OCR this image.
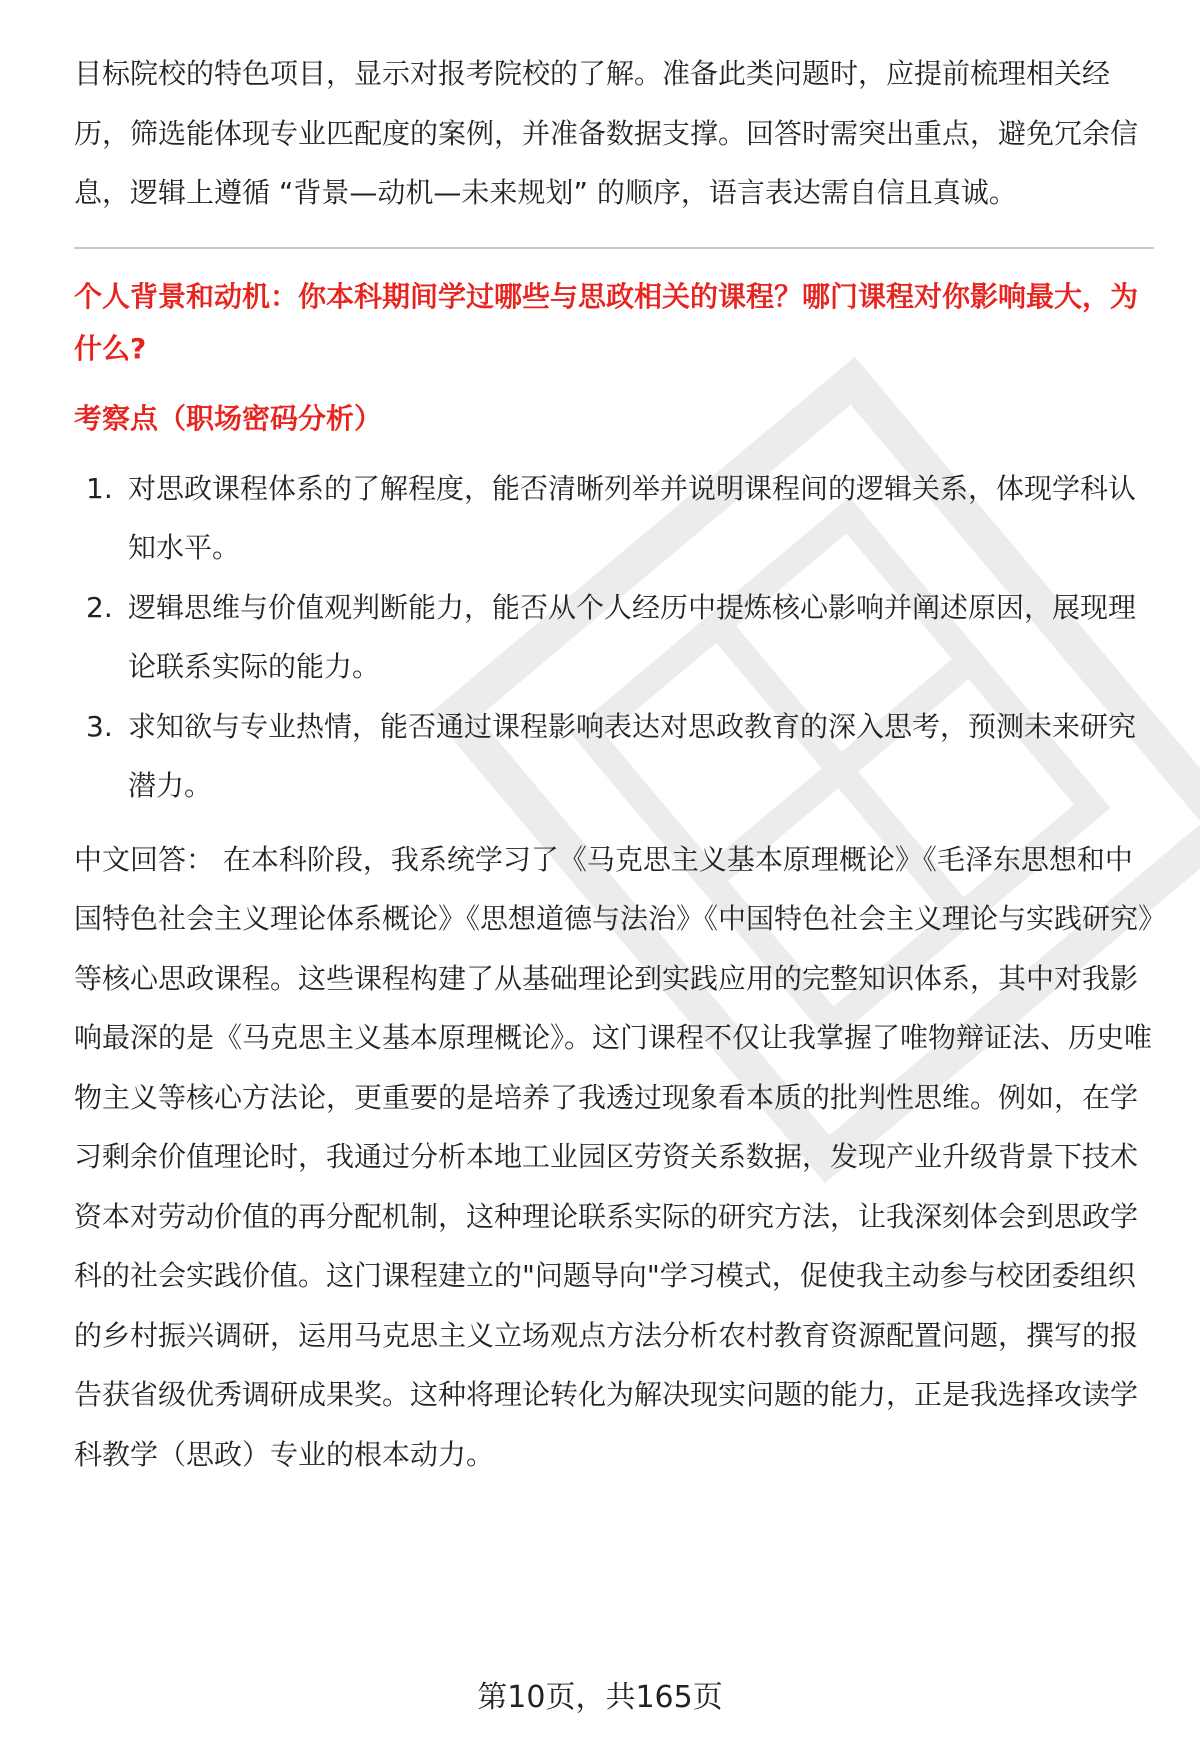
目标院校的特色项目，显示对报考院校的了解。准备此类问题时，应提前梳理相关经历，筛选能体现专业匹配度的案例，并准备数据支撑。回答时需突出重点，避免冗余信息，逻辑上遵循 “背景—动机—未来规划” 的顺序，语言表达需自信且真诚。

个人背景和动机：你本科期间学过哪些与思政相关的课程？哪门课程对你影响最大，为什么?

考察点（职场密码分析）

1. 对思政课程体系的了解程度，能否清晰列举并说明课程间的逻辑关系，体现学科认知水平。
2. 逻辑思维与价值观判断能力，能否从个人经历中提炼核心影响并阐述原因，展现理论联系实际的能力。
3. 求知欲与专业热情，能否通过课程影响表达对思政教育的深入思考，预测未来研究潜力。

中文回答： 在本科阶段，我系统学习了《马克思主义基本原理概论》《毛泽东思想和中国特色社会主义理论体系概论》《思想道德与法治》《中国特色社会主义理论与实践研究》等核心思政课程。这些课程构建了从基础理论到实践应用的完整知识体系，其中对我影响最深的是《马克思主义基本原理概论》。这门课程不仅让我掌握了唯物辩证法、历史唯物主义等核心方法论，更重要的是培养了我透过现象看本质的批判性思维。例如，在学习剩余价值理论时，我通过分析本地工业园区劳资关系数据，发现产业升级背景下技术资本对劳动价值的再分配机制，这种理论联系实际的研究方法，让我深刻体会到思政学科的社会实践价值。这门课程建立的"问题导向"学习模式，促使我主动参与校团委组织的乡村振兴调研，运用马克思主义立场观点方法分析农村教育资源配置问题，撰写的报告获省级优秀调研成果奖。这种将理论转化为解决现实问题的能力，正是我选择攻读学科教学（思政）专业的根本动力。

第10页，共165页
